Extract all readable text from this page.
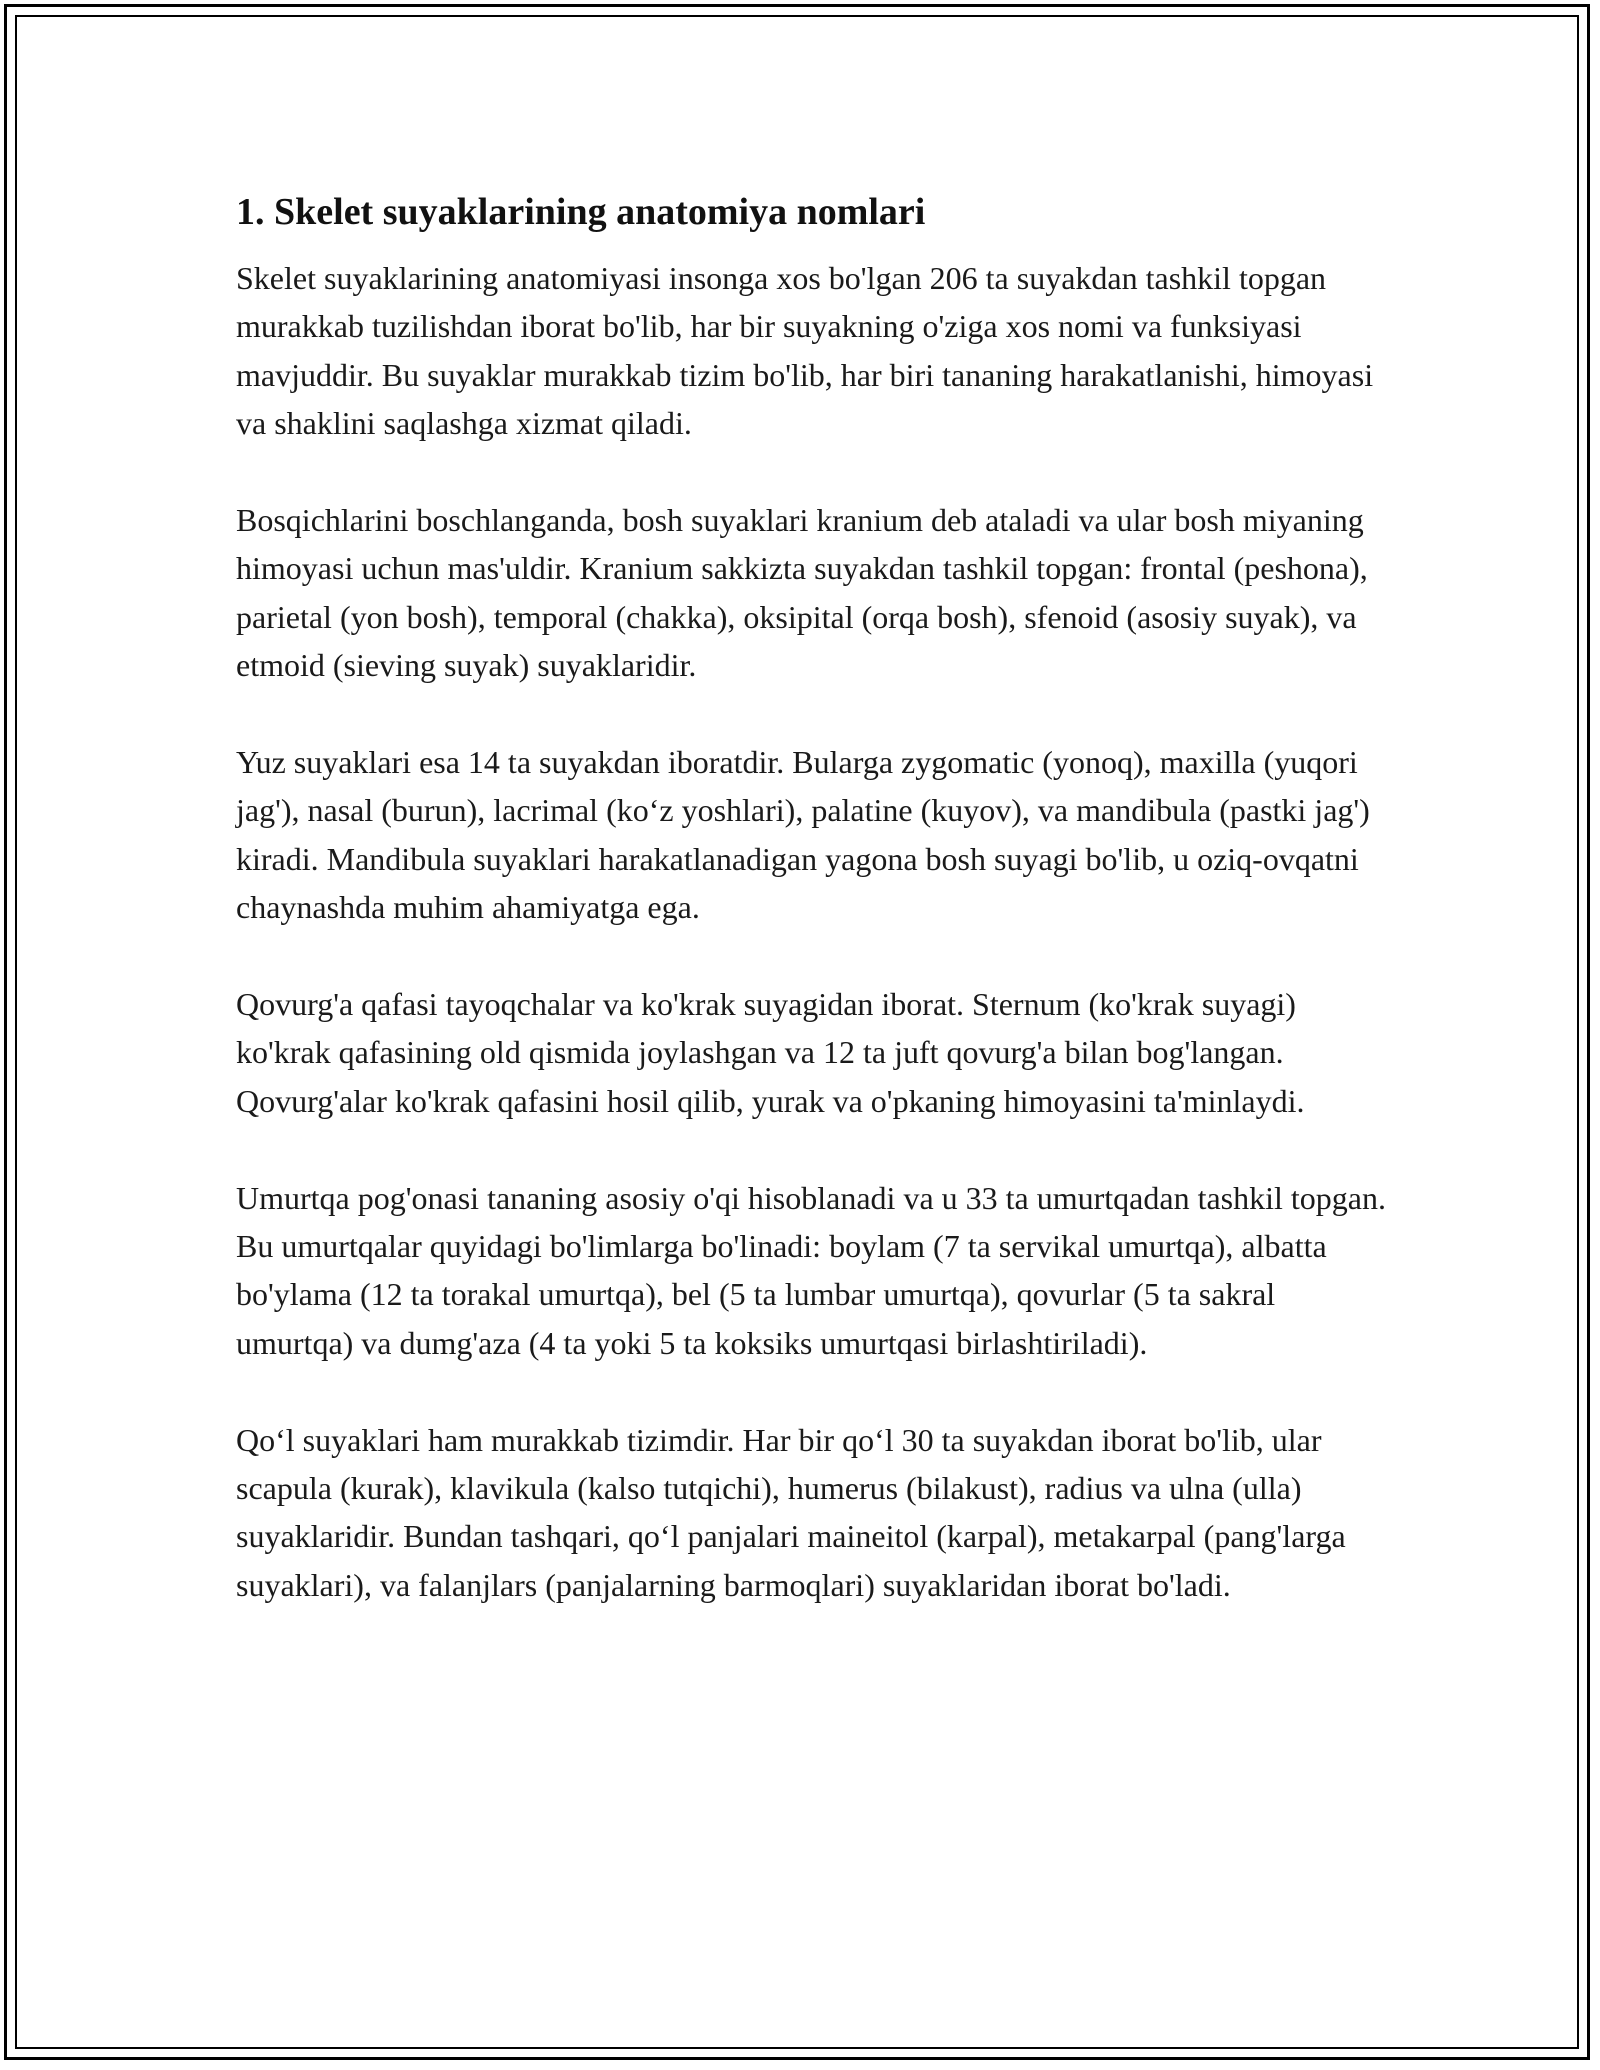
1. Skelet suyaklarining anatomiya nomlari

Skelet suyaklarining anatomiyasi insonga xos bo'lgan 206 ta suyakdan tashkil topgan murakkab tuzilishdan iborat bo'lib, har bir suyakning o'ziga xos nomi va funksiyasi mavjuddir. Bu suyaklar murakkab tizim bo'lib, har biri tananing harakatlanishi, himoyasi va shaklini saqlashga xizmat qiladi.

Bosqichlarini boschlanganda, bosh suyaklari kranium deb ataladi va ular bosh miyaning himoyasi uchun mas'uldir. Kranium sakkizta suyakdan tashkil topgan: frontal (peshona), parietal (yon bosh), temporal (chakka), oksipital (orqa bosh), sfenoid (asosiy suyak), va etmoid (sieving suyak) suyaklaridir.

Yuz suyaklari esa 14 ta suyakdan iboratdir. Bularga zygomatic (yonoq), maxilla (yuqori jag'), nasal (burun), lacrimal (ko‘z yoshlari), palatine (kuyov), va mandibula (pastki jag') kiradi. Mandibula suyaklari harakatlanadigan yagona bosh suyagi bo'lib, u oziq-ovqatni chaynashda muhim ahamiyatga ega.

Qovurg'a qafasi tayoqchalar va ko'krak suyagidan iborat. Sternum (ko'krak suyagi) ko'krak qafasining old qismida joylashgan va 12 ta juft qovurg'a bilan bog'langan. Qovurg'alar ko'krak qafasini hosil qilib, yurak va o'pkaning himoyasini ta'minlaydi.

Umurtqa pog'onasi tananing asosiy o'qi hisoblanadi va u 33 ta umurtqadan tashkil topgan. Bu umurtqalar quyidagi bo'limlarga bo'linadi: boylam (7 ta servikal umurtqa), albatta bo'ylama (12 ta torakal umurtqa), bel (5 ta lumbar umurtqa), qovurlar (5 ta sakral umurtqa) va dumg'aza (4 ta yoki 5 ta koksiks umurtqasi birlashtiriladi).

Qo‘l suyaklari ham murakkab tizimdir. Har bir qo‘l 30 ta suyakdan iborat bo'lib, ular scapula (kurak), klavikula (kalso tutqichi), humerus (bilakust), radius va ulna (ulla) suyaklaridir. Bundan tashqari, qo‘l panjalari maineitol (karpal), metakarpal (pang'larga suyaklari), va falanjlars (panjalarning barmoqlari) suyaklaridan iborat bo'ladi.
